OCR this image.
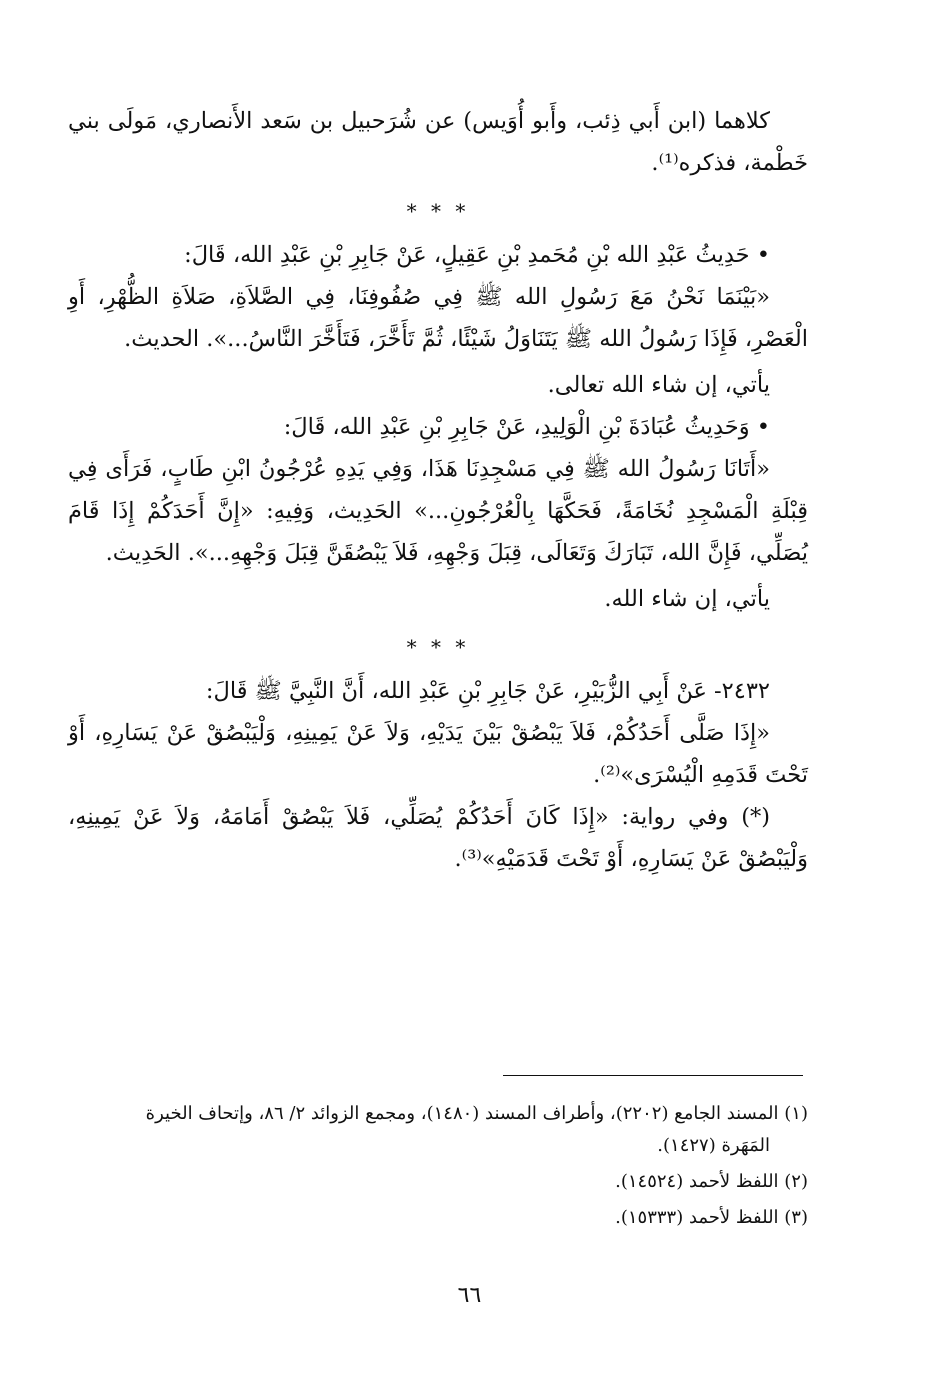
كلاهما (ابن أَبي ذِئب، وأَبو أُوَيس) عن شُرَحبيل بن سَعد الأَنصاري، مَولَى بني خَطْمة، فذكره⁽¹⁾.

* * *

• حَدِيثُ عَبْدِ الله بْنِ مُحَمدِ بْنِ عَقِيلٍ، عَنْ جَابِرِ بْنِ عَبْدِ الله، قَالَ:

«بَيْنَمَا نَحْنُ مَعَ رَسُولِ الله ﷺ فِي صُفُوفِنَا، فِي الصَّلاَةِ، صَلاَةِ الظُّهْرِ، أَوِ الْعَصْرِ، فَإِذَا رَسُولُ الله ﷺ يَتَنَاوَلُ شَيْئًا، ثُمَّ تَأَخَّرَ، فَتَأَخَّرَ النَّاسُ...». الحديث.

يأتي، إن شاء الله تعالى.

• وَحَدِيثُ عُبَادَةَ بْنِ الْوَلِيدِ، عَنْ جَابِرِ بْنِ عَبْدِ الله، قَالَ:

«أَتَانَا رَسُولُ الله ﷺ فِي مَسْجِدِنَا هَذَا، وَفِي يَدِهِ عُرْجُونُ ابْنِ طَابٍ، فَرَأَى فِي قِبْلَةِ الْمَسْجِدِ نُخَامَةً، فَحَكَّهَا بِالْعُرْجُونِ...» الحَدِيث، وَفِيهِ: «إِنَّ أَحَدَكُمْ إِذَا قَامَ يُصَلِّي، فَإِنَّ الله، تَبَارَكَ وَتَعَالَى، قِبَلَ وَجْهِهِ، فَلاَ يَبْصُقَنَّ قِبَلَ وَجْهِهِ...». الحَدِيث.

يأتي، إن شاء الله.

* * *

٢٤٣٢- عَنْ أَبِي الزُّبَيْرِ، عَنْ جَابِرِ بْنِ عَبْدِ الله، أَنَّ النَّبِيَّ ﷺ قَالَ:

«إِذَا صَلَّى أَحَدُكُمْ، فَلاَ يَبْصُقْ بَيْنَ يَدَيْهِ، وَلاَ عَنْ يَمِينِهِ، وَلْيَبْصُقْ عَنْ يَسَارِهِ، أَوْ تَحْتَ قَدَمِهِ الْيُسْرَى»⁽²⁾.

(*) وفي رواية: «إِذَا كَانَ أَحَدُكُمْ يُصَلِّي، فَلاَ يَبْصُقْ أَمَامَهُ، وَلاَ عَنْ يَمِينِهِ، وَلْيَبْصُقْ عَنْ يَسَارِهِ، أَوْ تَحْتَ قَدَمَيْهِ»⁽³⁾.

(١) المسند الجامع (٢٢٠٢)، وأطراف المسند (١٤٨٠)، ومجمع الزوائد ٢/ ٨٦، وإتحاف الخيرة
المَهَرة (١٤٢٧).

(٢) اللفظ لأحمد (١٤٥٢٤).

(٣) اللفظ لأحمد (١٥٣٣٣).

٦٦
